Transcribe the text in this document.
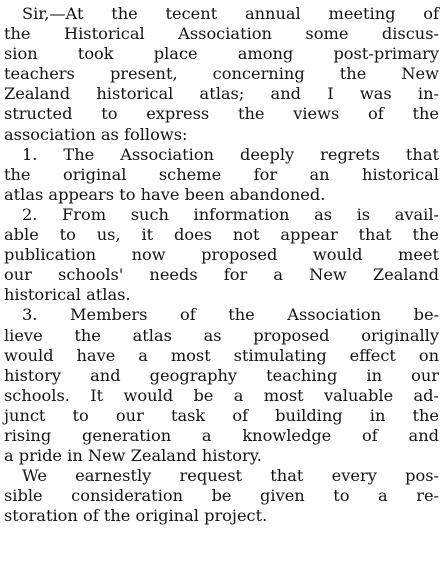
Sir,—At the tecent annual meeting of
the Historical Association some discus-
sion took place among post-primary
teachers present, concerning the New
Zealand historical atlas; and I was in-
structed to express the views of the
association as follows:
1. The Association deeply regrets that
the original scheme for an historical
atlas appears to have been abandoned.
2. From such information as is avail-
able to us, it does not appear that the
publication now proposed would meet
our schools' needs for a New Zealand
historical atlas.
3. Members of the Association be-
lieve the atlas as proposed originally
would have a most stimulating effect on
history and geography teaching in our
schools. It would be a most valuable ad-
junct to our task of building in the
rising generation a knowledge of and
a pride in New Zealand history.
We earnestly request that every pos-
sible consideration be given to a re-
storation of the original project.
